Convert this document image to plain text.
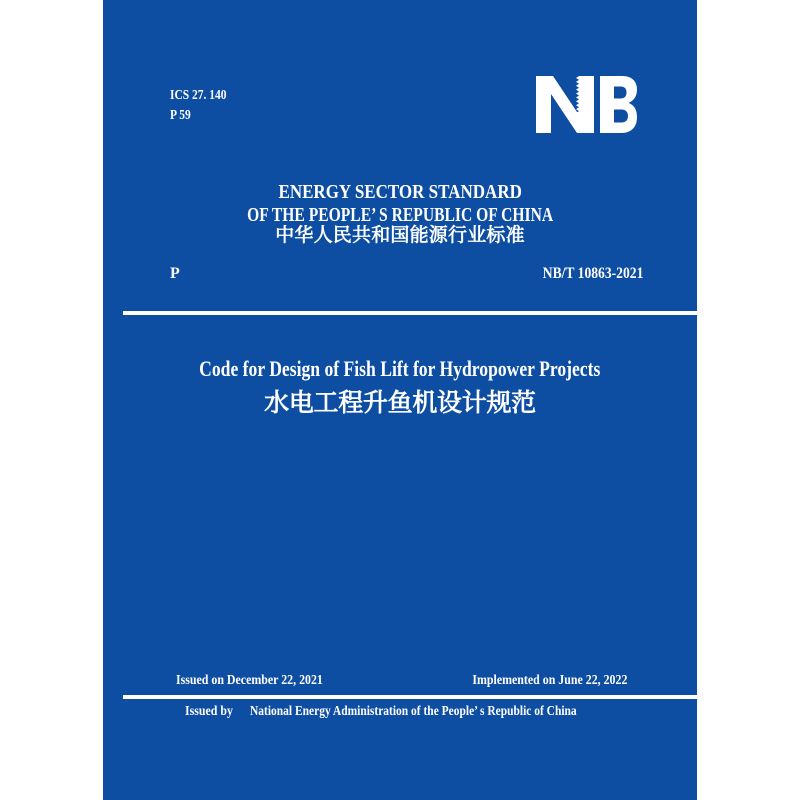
ICS 27. 140
P 59
ENERGY SECTOR STANDARD
OF THE PEOPLE’ S REPUBLIC OF CHINA
中华人民共和国能源行业标准
P	NB/T 10863-2021
Code for Design of Fish Lift for Hydropower Projects
水电工程升鱼机设计规范
Issued on December 22, 2021	Implemented on June 22, 2022
Issued by	National Energy Administration of the People’ s Republic of China
